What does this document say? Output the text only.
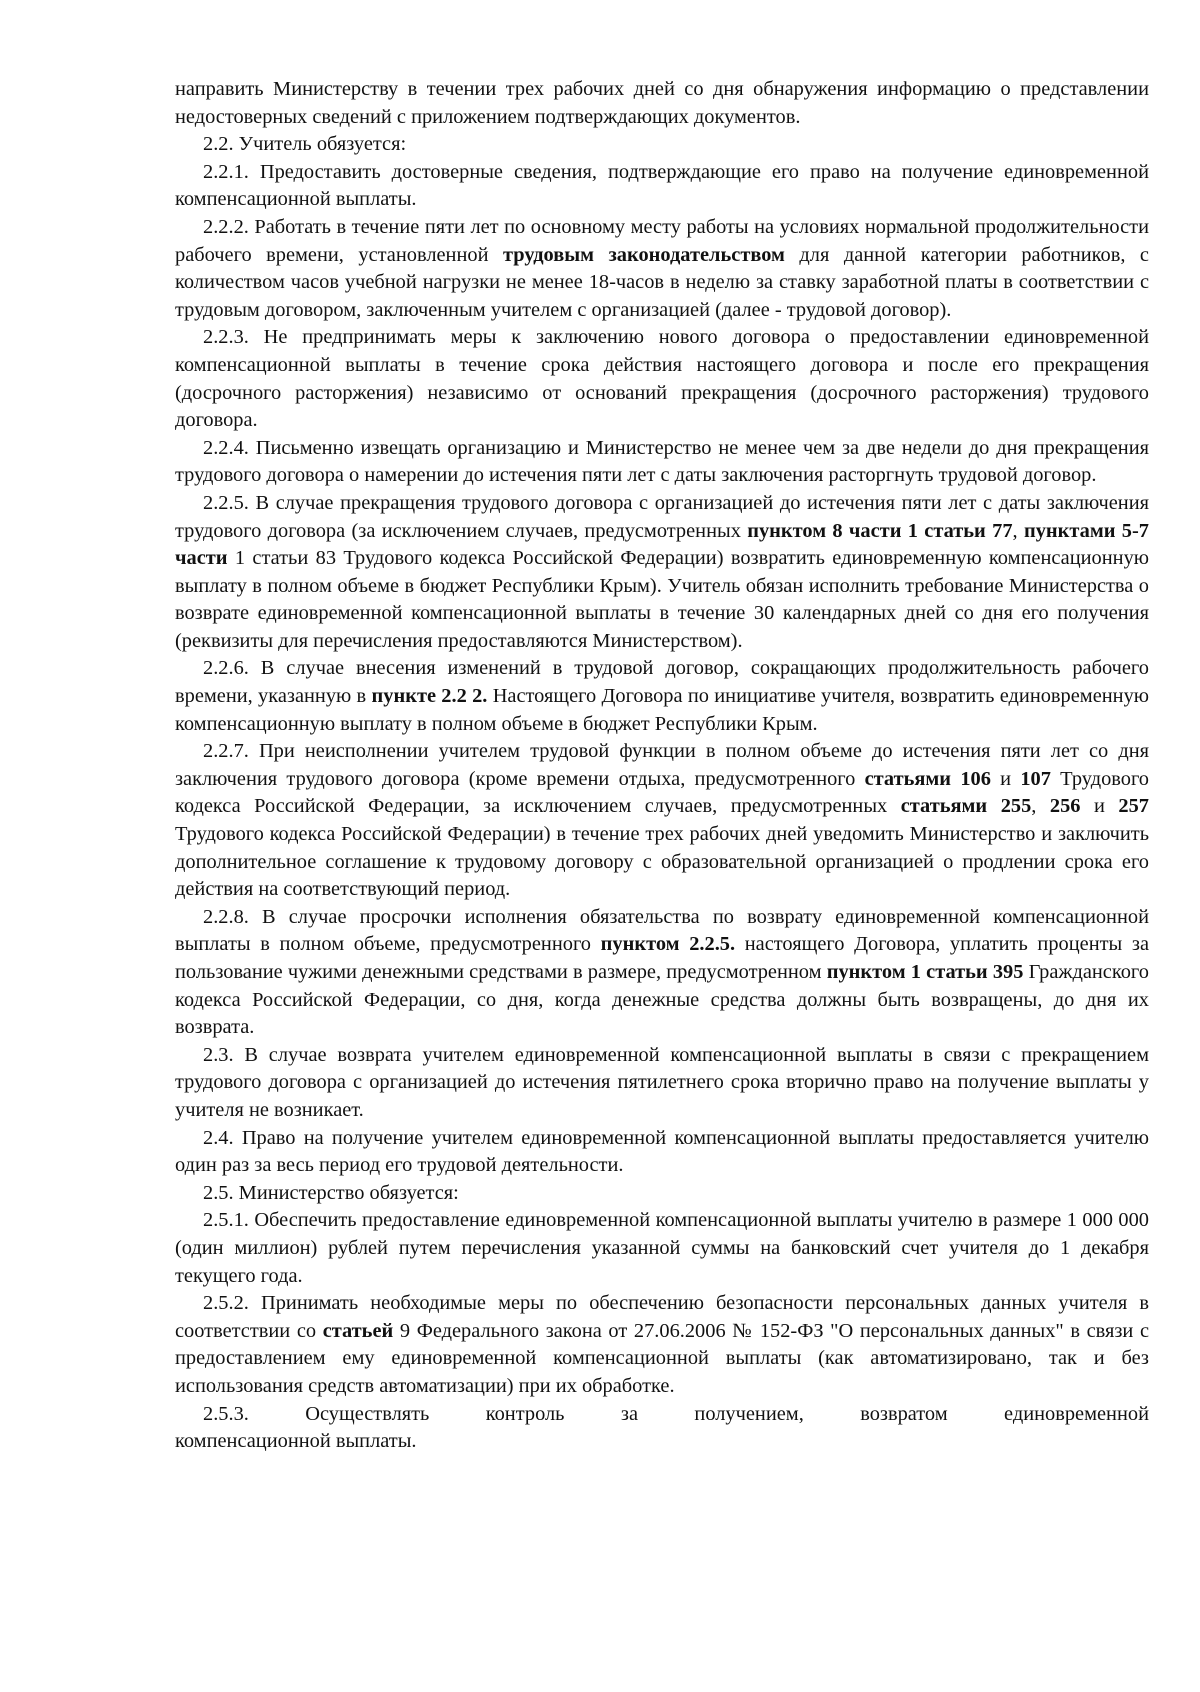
направить Министерству в течении трех рабочих дней со дня обнаружения информацию о представлении недостоверных сведений с приложением подтверждающих документов.

2.2. Учитель обязуется:

2.2.1. Предоставить достоверные сведения, подтверждающие его право на получение единовременной компенсационной выплаты.

2.2.2. Работать в течение пяти лет по основному месту работы на условиях нормальной продолжительности рабочего времени, установленной трудовым законодательством для данной категории работников, с количеством часов учебной нагрузки не менее 18-часов в неделю за ставку заработной платы в соответствии с трудовым договором, заключенным учителем с организацией (далее - трудовой договор).

2.2.3. Не предпринимать меры к заключению нового договора о предоставлении единовременной компенсационной выплаты в течение срока действия настоящего договора и после его прекращения (досрочного расторжения) независимо от оснований прекращения (досрочного расторжения) трудового договора.

2.2.4. Письменно извещать организацию и Министерство не менее чем за две недели до дня прекращения трудового договора о намерении до истечения пяти лет с даты заключения расторгнуть трудовой договор.

2.2.5. В случае прекращения трудового договора с организацией до истечения пяти лет с даты заключения трудового договора (за исключением случаев, предусмотренных пунктом 8 части 1 статьи 77, пунктами 5-7 части 1 статьи 83 Трудового кодекса Российской Федерации) возвратить единовременную компенсационную выплату в полном объеме в бюджет Республики Крым). Учитель обязан исполнить требование Министерства о возврате единовременной компенсационной выплаты в течение 30 календарных дней со дня его получения (реквизиты для перечисления предоставляются Министерством).

2.2.6. В случае внесения изменений в трудовой договор, сокращающих продолжительность рабочего времени, указанную в пункте 2.2 2. Настоящего Договора по инициативе учителя, возвратить единовременную компенсационную выплату в полном объеме в бюджет Республики Крым.

2.2.7. При неисполнении учителем трудовой функции в полном объеме до истечения пяти лет со дня заключения трудового договора (кроме времени отдыха, предусмотренного статьями 106 и 107 Трудового кодекса Российской Федерации, за исключением случаев, предусмотренных статьями 255, 256 и 257 Трудового кодекса Российской Федерации) в течение трех рабочих дней уведомить Министерство и заключить дополнительное соглашение к трудовому договору с образовательной организацией о продлении срока его действия на соответствующий период.

2.2.8. В случае просрочки исполнения обязательства по возврату единовременной компенсационной выплаты в полном объеме, предусмотренного пунктом 2.2.5. настоящего Договора, уплатить проценты за пользование чужими денежными средствами в размере, предусмотренном пунктом 1 статьи 395 Гражданского кодекса Российской Федерации, со дня, когда денежные средства должны быть возвращены, до дня их возврата.

2.3. В случае возврата учителем единовременной компенсационной выплаты в связи с прекращением трудового договора с организацией до истечения пятилетнего срока вторично право на получение выплаты у учителя не возникает.

2.4. Право на получение учителем единовременной компенсационной выплаты предоставляется учителю один раз за весь период его трудовой деятельности.

2.5. Министерство обязуется:

2.5.1. Обеспечить предоставление единовременной компенсационной выплаты учителю в размере 1 000 000 (один миллион) рублей путем перечисления указанной суммы на банковский счет учителя до 1 декабря текущего года.

2.5.2. Принимать необходимые меры по обеспечению безопасности персональных данных учителя в соответствии со статьей 9 Федерального закона от 27.06.2006 № 152-ФЗ "О персональных данных" в связи с предоставлением ему единовременной компенсационной выплаты (как автоматизировано, так и без использования средств автоматизации) при их обработке.

2.5.3. Осуществлять контроль за получением, возвратом единовременной

компенсационной выплаты.
